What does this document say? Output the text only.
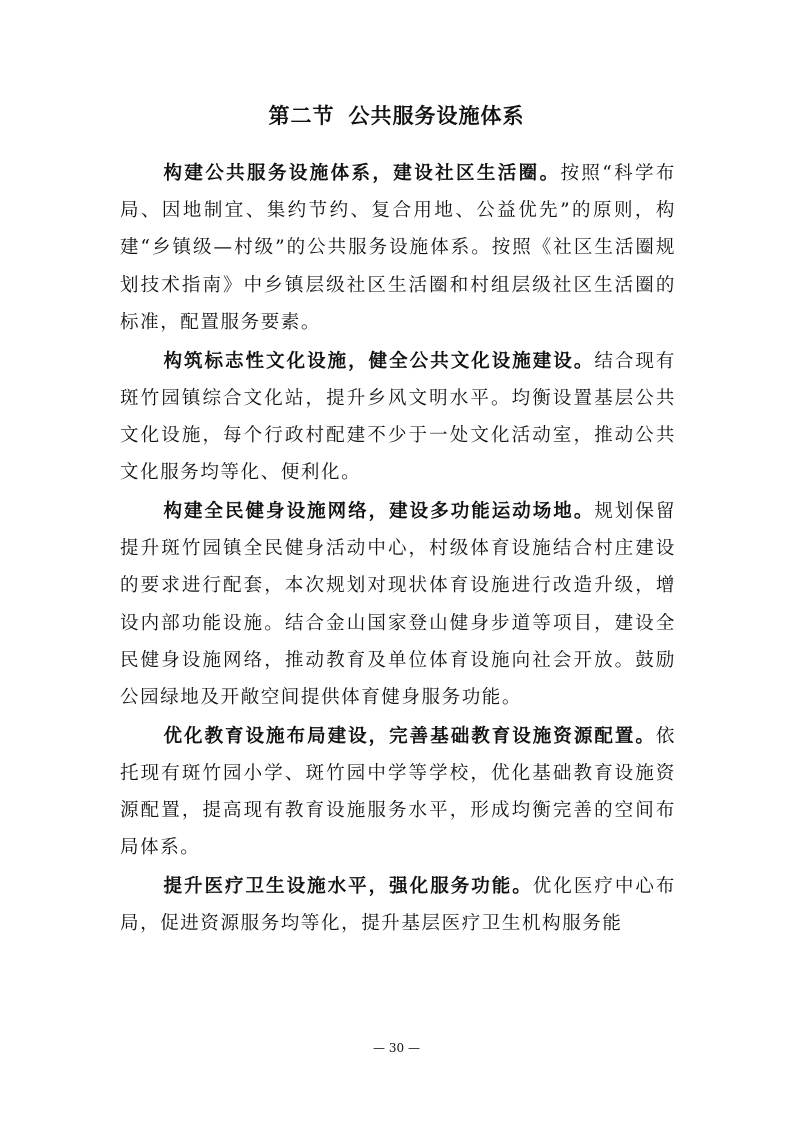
第二节 公共服务设施体系

构建公共服务设施体系，建设社区生活圈。按照“科学布局、因地制宜、集约节约、复合用地、公益优先”的原则，构建“乡镇级—村级”的公共服务设施体系。按照《社区生活圈规划技术指南》中乡镇层级社区生活圈和村组层级社区生活圈的标准，配置服务要素。

构筑标志性文化设施，健全公共文化设施建设。结合现有斑竹园镇综合文化站，提升乡风文明水平。均衡设置基层公共文化设施，每个行政村配建不少于一处文化活动室，推动公共文化服务均等化、便利化。

构建全民健身设施网络，建设多功能运动场地。规划保留提升斑竹园镇全民健身活动中心，村级体育设施结合村庄建设的要求进行配套，本次规划对现状体育设施进行改造升级，增设内部功能设施。结合金山国家登山健身步道等项目，建设全民健身设施网络，推动教育及单位体育设施向社会开放。鼓励公园绿地及开敞空间提供体育健身服务功能。

优化教育设施布局建设，完善基础教育设施资源配置。依托现有斑竹园小学、斑竹园中学等学校，优化基础教育设施资源配置，提高现有教育设施服务水平，形成均衡完善的空间布局体系。

提升医疗卫生设施水平，强化服务功能。优化医疗中心布局，促进资源服务均等化，提升基层医疗卫生机构服务能

— 30 —
